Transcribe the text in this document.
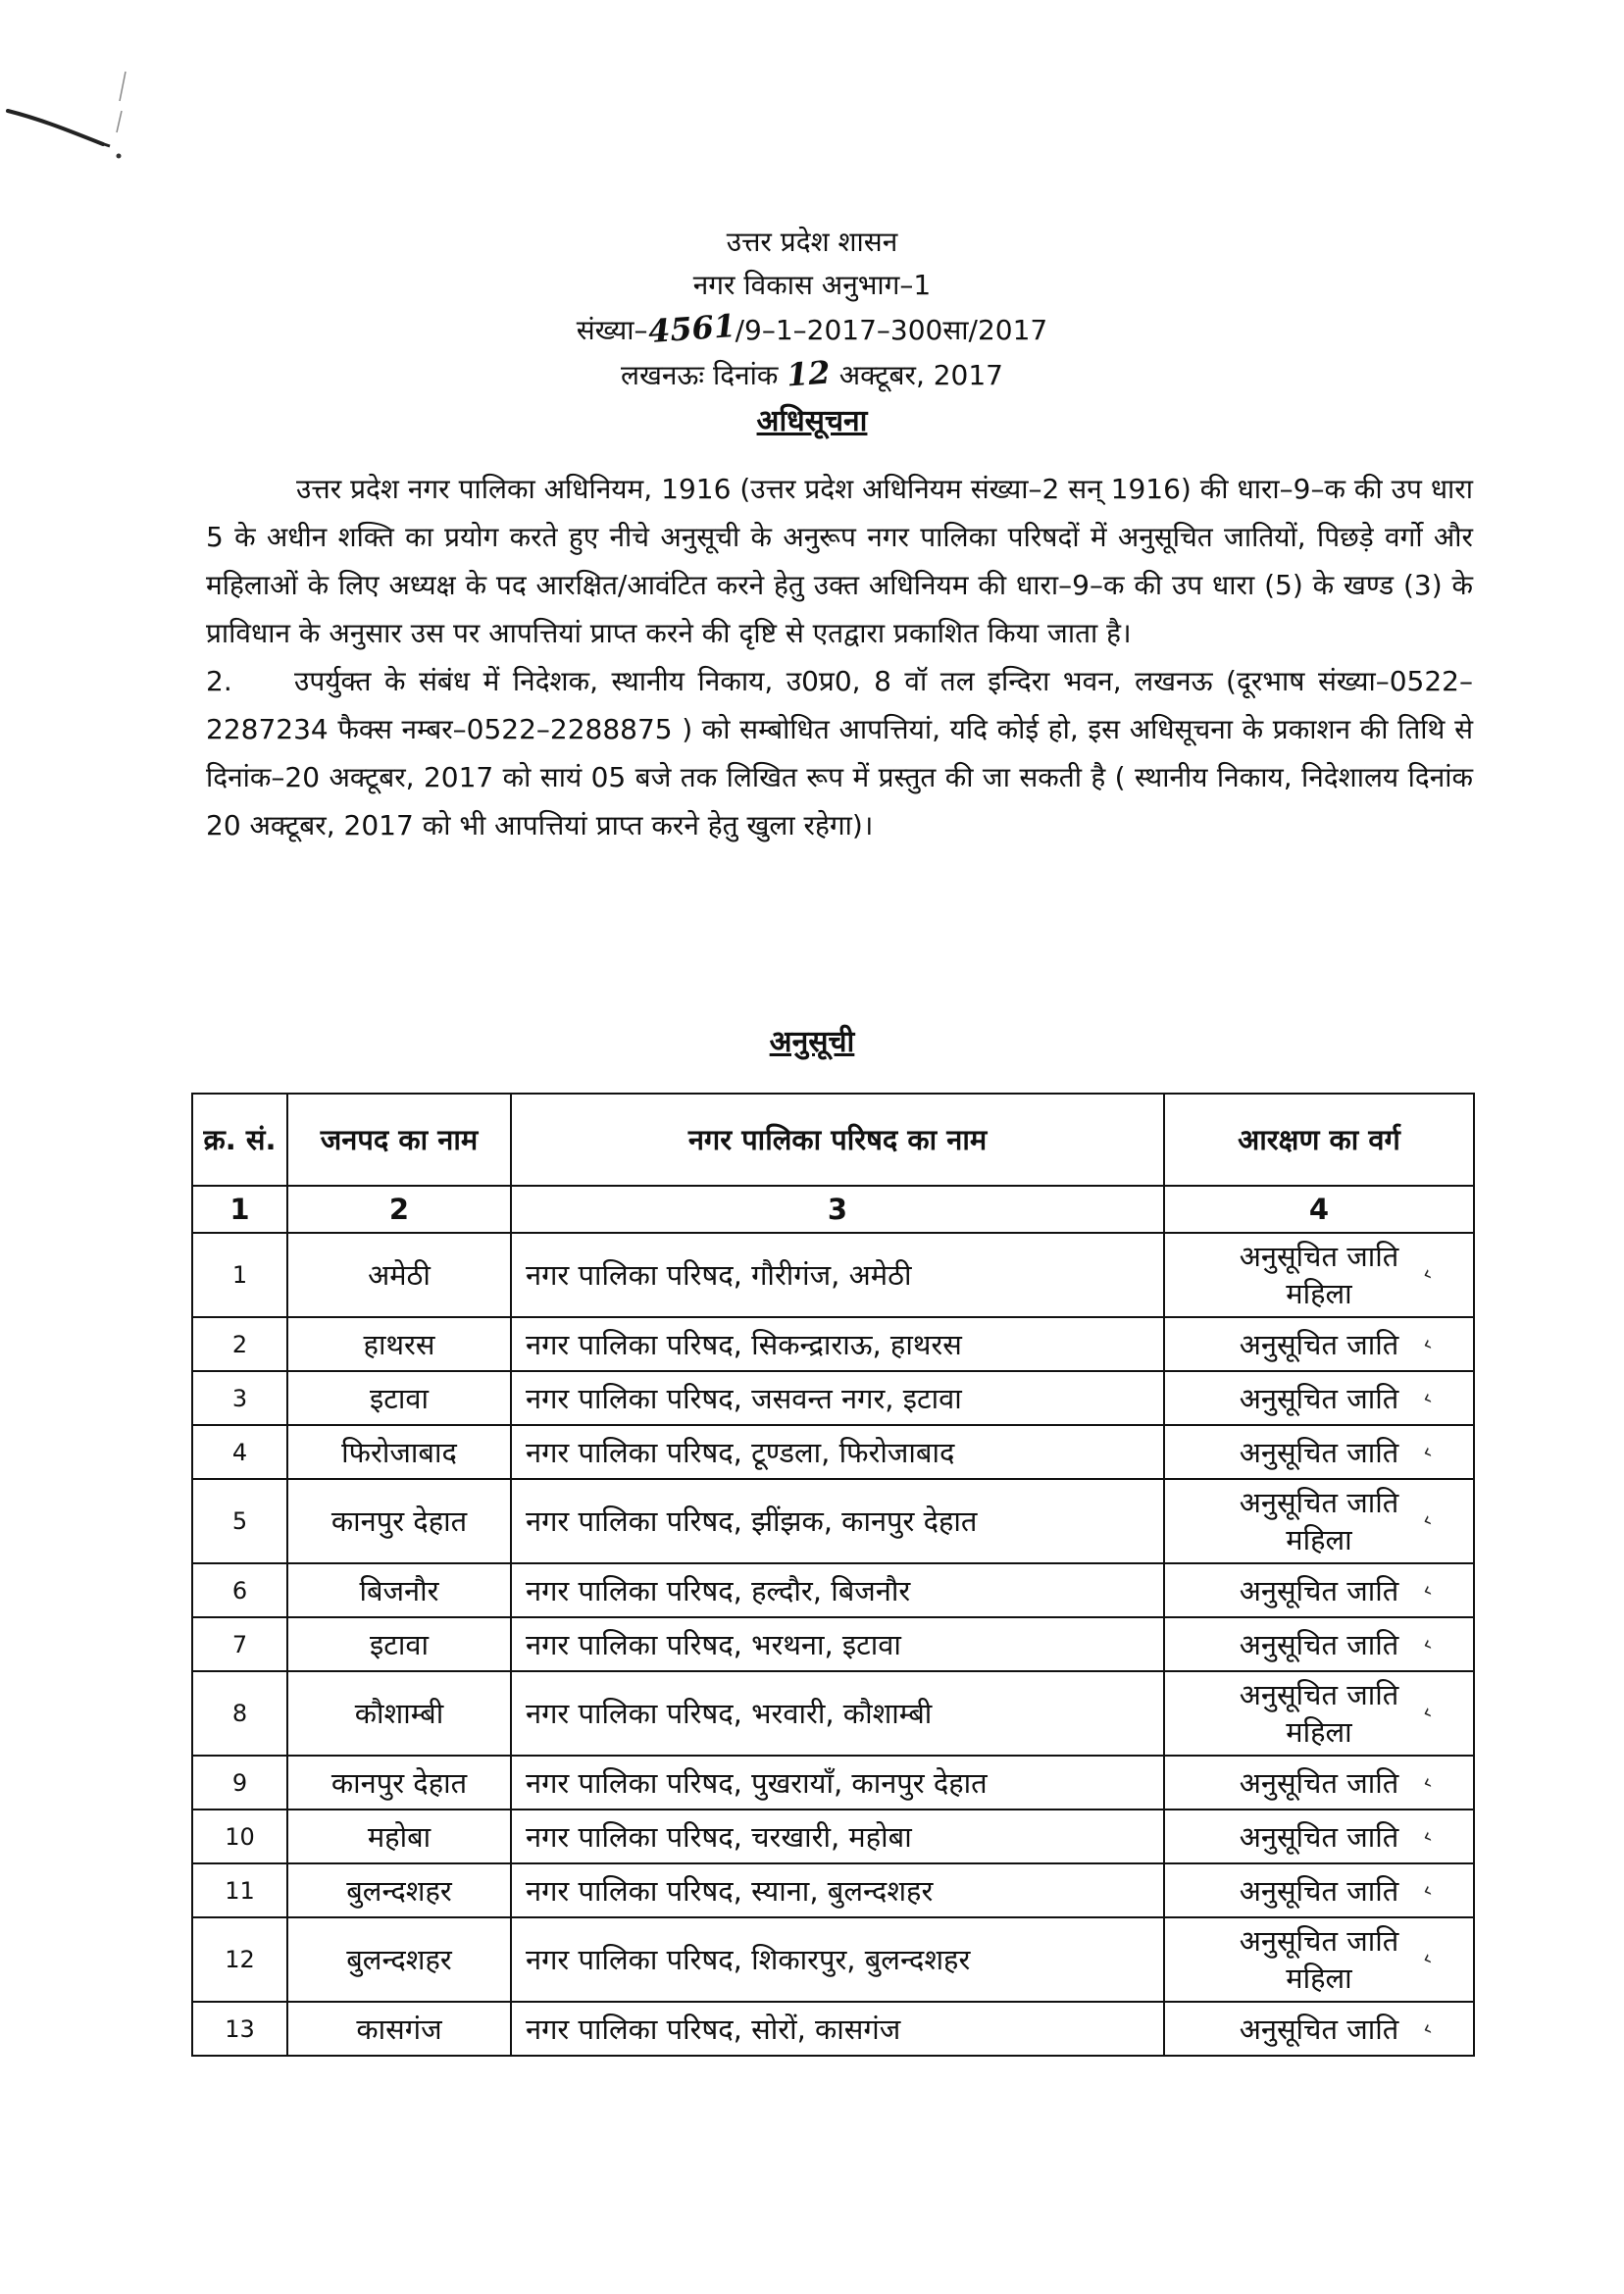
उत्तर प्रदेश शासन
नगर विकास अनुभाग–1
संख्या–4561/9–1–2017–300सा/2017
लखनऊः दिनांक 12 अक्टूबर, 2017
अधिसूचना

उत्तर प्रदेश नगर पालिका अधिनियम, 1916 (उत्तर प्रदेश अधिनियम संख्या–2 सन् 1916) की धारा–9–क की उप धारा 5 के अधीन शक्ति का प्रयोग करते हुए नीचे अनुसूची के अनुरूप नगर पालिका परिषदों में अनुसूचित जातियों, पिछड़े वर्गो और महिलाओं के लिए अध्यक्ष के पद आरक्षित/आवंटित करने हेतु उक्त अधिनियम की धारा–9–क की उप धारा (5) के खण्ड (3) के प्राविधान के अनुसार उस पर आपत्तियां प्राप्त करने की दृष्टि से एतद्वारा प्रकाशित किया जाता है।

2. उपर्युक्त के संबंध में निदेशक, स्थानीय निकाय, उ0प्र0, 8 वॉ तल इन्दिरा भवन, लखनऊ (दूरभाष संख्या–0522–2287234 फैक्स नम्बर–0522–2288875 ) को सम्बोधित आपत्तियां, यदि कोई हो, इस अधिसूचना के प्रकाशन की तिथि से दिनांक–20 अक्टूबर, 2017 को सायं 05 बजे तक लिखित रूप में प्रस्तुत की जा सकती है ( स्थानीय निकाय, निदेशालय दिनांक 20 अक्टूबर, 2017 को भी आपत्तियां प्राप्त करने हेतु खुला रहेगा)।

अनुसूची
क्र. सं.	जनपद का नाम	नगर पालिका परिषद का नाम	आरक्षण का वर्ग
1	2	3	4
1	अमेठी	नगर पालिका परिषद, गौरीगंज, अमेठी	अनुसूचित जाति
महिला
‹

2	हाथरस	नगर पालिका परिषद, सिकन्द्राराऊ, हाथरस	अनुसूचित जाति ‹

3	इटावा	नगर पालिका परिषद, जसवन्त नगर, इटावा	अनुसूचित जाति ‹

4	फिरोजाबाद	नगर पालिका परिषद, टूण्डला, फिरोजाबाद	अनुसूचित जाति ‹

5	कानपुर देहात	नगर पालिका परिषद, झींझक, कानपुर देहात	अनुसूचित जाति
महिला
‹

6	बिजनौर	नगर पालिका परिषद, हल्दौर, बिजनौर	अनुसूचित जाति ‹

7	इटावा	नगर पालिका परिषद, भरथना, इटावा	अनुसूचित जाति ‹

8	कौशाम्बी	नगर पालिका परिषद, भरवारी, कौशाम्बी	अनुसूचित जाति
महिला
‹

9	कानपुर देहात	नगर पालिका परिषद, पुखरायाँ, कानपुर देहात	अनुसूचित जाति ‹

10	महोबा	नगर पालिका परिषद, चरखारी, महोबा	अनुसूचित जाति ‹

11	बुलन्दशहर	नगर पालिका परिषद, स्याना, बुलन्दशहर	अनुसूचित जाति ‹

12	बुलन्दशहर	नगर पालिका परिषद, शिकारपुर, बुलन्दशहर	अनुसूचित जाति
महिला
‹

13	कासगंज	नगर पालिका परिषद, सोरों, कासगंज	अनुसूचित जाति ‹
